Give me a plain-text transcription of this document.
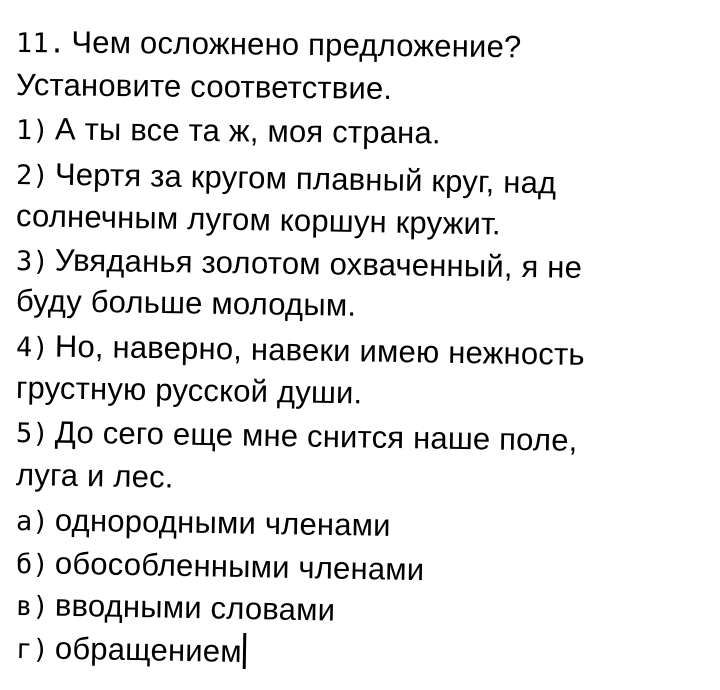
11. Чем осложнено предложение?
Установите соответствие.
1) А ты все та ж, моя страна.
2) Чертя за кругом плавный круг, над
солнечным лугом коршун кружит.
3) Увяданья золотом охваченный, я не
буду больше молодым.
4) Но, наверно, навеки имею нежность
грустную русской души.
5) До сего еще мне снится наше поле,
луга и лес.
а) однородными членами
б) обособленными членами
в) вводными словами
г) обращением
